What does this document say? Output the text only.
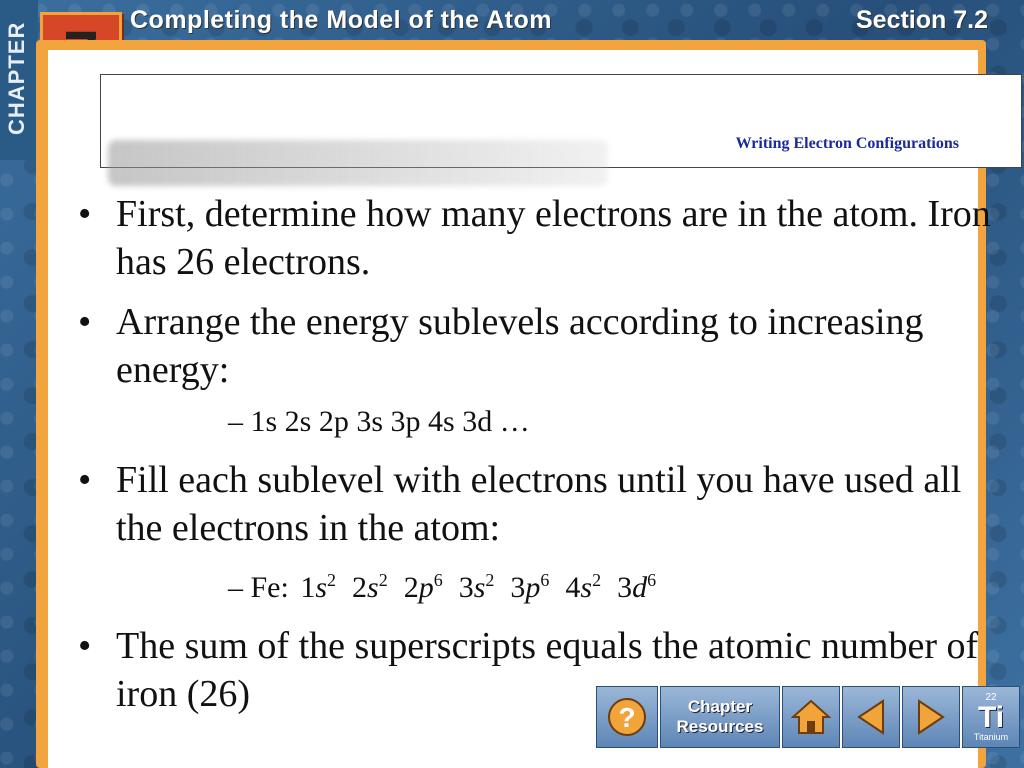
CHAPTER
Completing the Model of the Atom	Section 7.2
Writing Electron Configurations
• First, determine how many electrons are in the atom. Iron has 26 electrons.
• Arrange the energy sublevels according to increasing energy:
– 1s 2s 2p 3s 3p 4s 3d …
• Fill each sublevel with electrons until you have used all the electrons in the atom:
– Fe: $1s^2$ $2s^2$ $2p^6$ $3s^2$ $3p^6$ $4s^2$ $3d^6$
• The sum of the superscripts equals the atomic number of iron (26)
?	Chapter
Resources
22
Ti
Titanium
